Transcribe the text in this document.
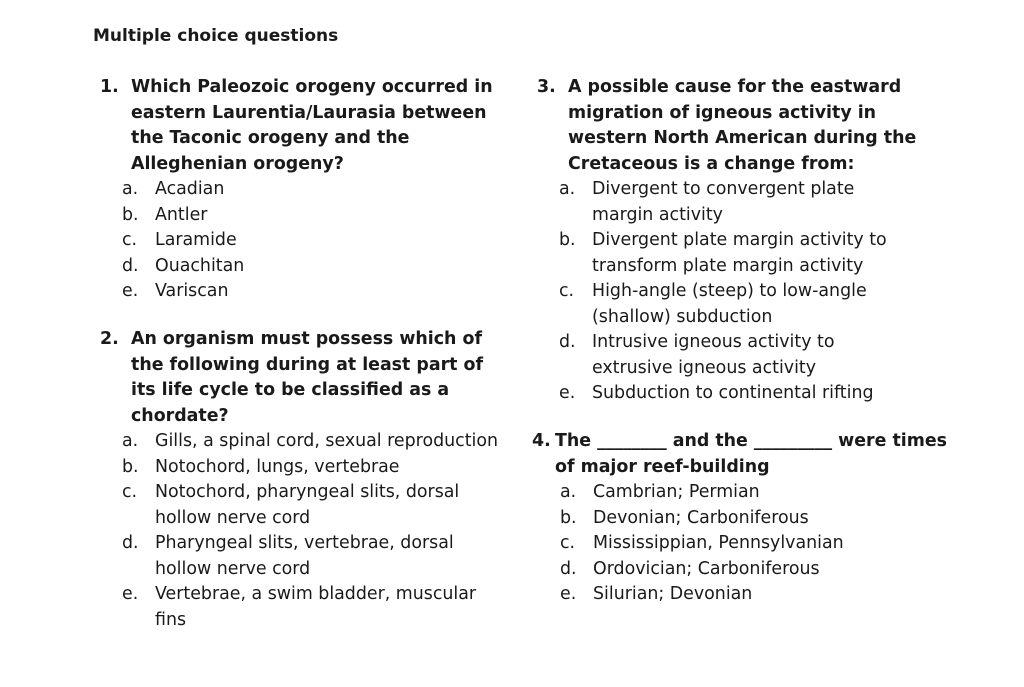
Multiple choice questions
1. Which Paleozoic orogeny occurred in eastern Laurentia/Laurasia between the Taconic orogeny and the Alleghenian orogeny?
a. Acadian
b. Antler
c.	Laramide
d. Ouachitan
e. Variscan
2. An organism must possess which of the following during at least part of its life cycle to be classified as a chordate?
a. Gills, a spinal cord, sexual reproduction
b. Notochord, lungs, vertebrae
c.	Notochord, pharyngeal slits, dorsal hollow nerve cord
d. Pharyngeal slits, vertebrae, dorsal hollow nerve cord
e. Vertebrae, a swim bladder, muscular fins
3. A possible cause for the eastward migration of igneous activity in western North American during the Cretaceous is a change from:
a. Divergent to convergent plate margin activity
b. Divergent plate margin activity to transform plate margin activity
c.	High-angle (steep) to low-angle (shallow) subduction
d. Intrusive igneous activity to extrusive igneous activity
e. Subduction to continental rifting
4. The ________ and the _________ were times of major reef-building
a. Cambrian; Permian
b. Devonian; Carboniferous
c.	Mississippian, Pennsylvanian
d. Ordovician; Carboniferous
e. Silurian; Devonian
